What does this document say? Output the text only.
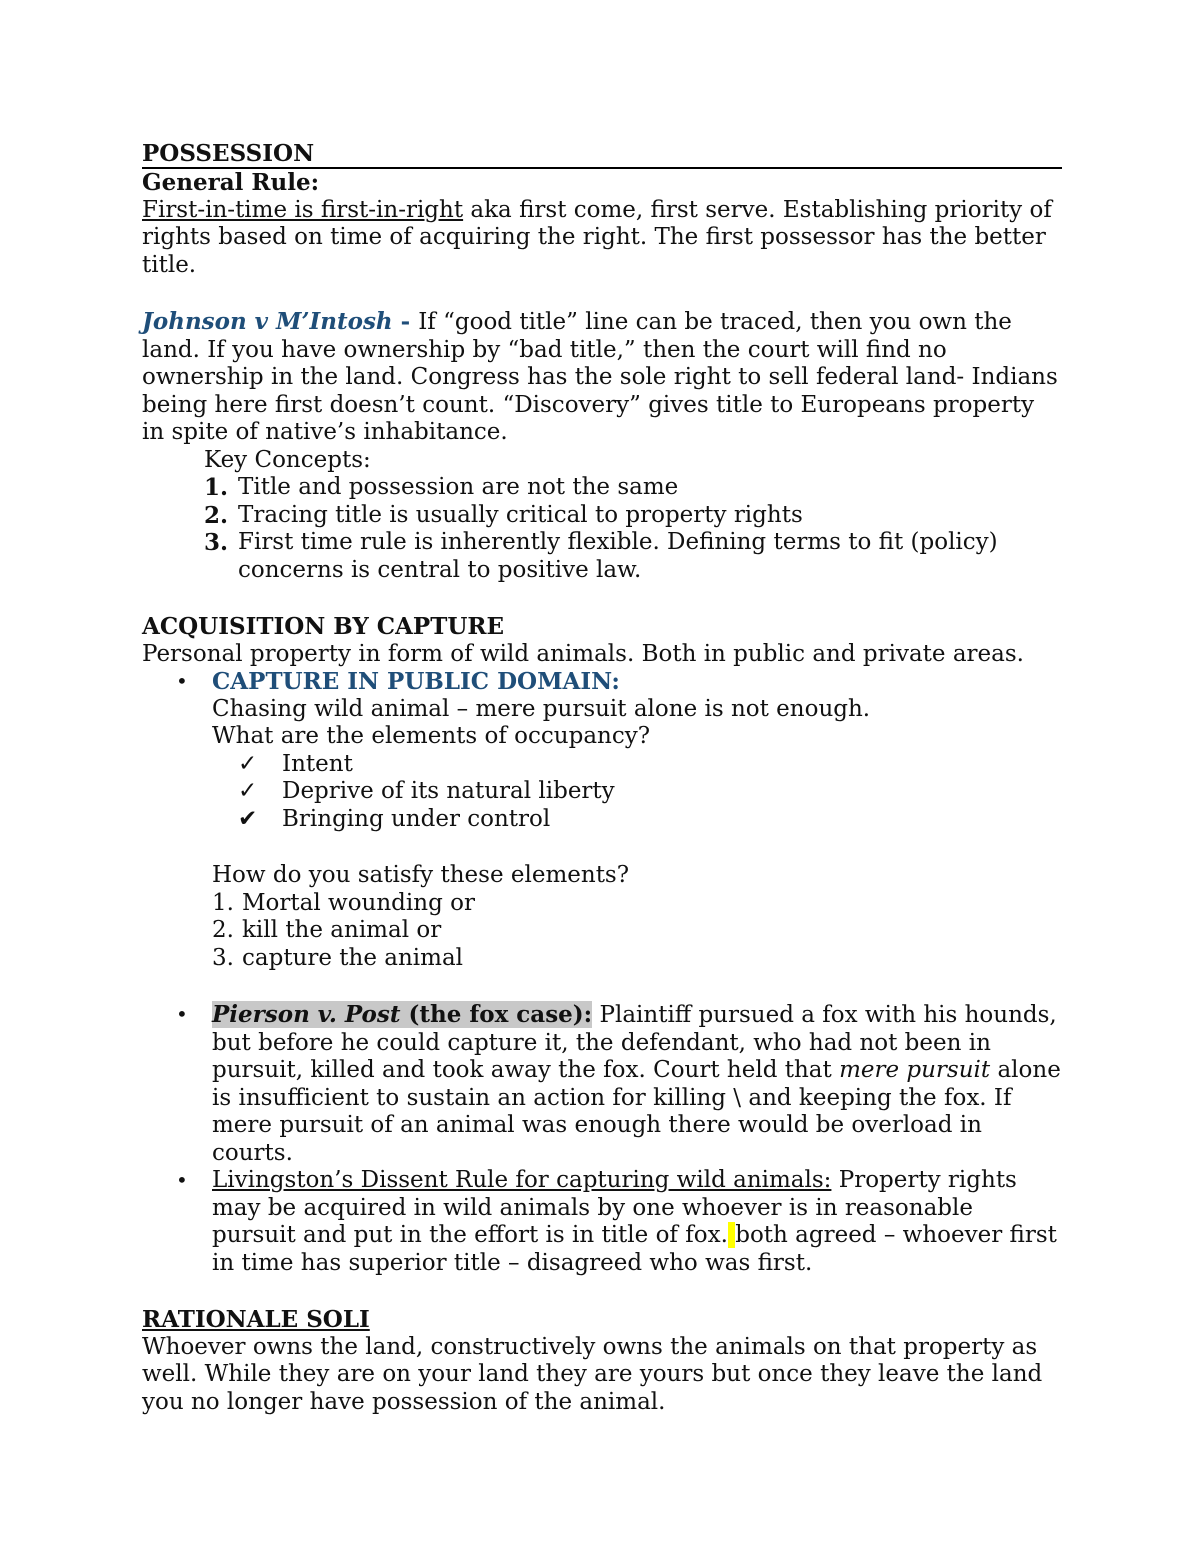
POSSESSION
General Rule:
First-in-time is first-in-right aka first come, first serve. Establishing priority of rights based on time of acquiring the right. The first possessor has the better title.
Johnson v M’Intosh - If “good title” line can be traced, then you own the land. If you have ownership by “bad title,” then the court will find no ownership in the land. Congress has the sole right to sell federal land- Indians being here first doesn’t count. “Discovery” gives title to Europeans property in spite of native’s inhabitance.
Key Concepts:
1. Title and possession are not the same
2. Tracing title is usually critical to property rights
3. First time rule is inherently flexible. Defining terms to fit (policy) concerns is central to positive law.
ACQUISITION BY CAPTURE
Personal property in form of wild animals. Both in public and private areas.
• CAPTURE IN PUBLIC DOMAIN:
Chasing wild animal – mere pursuit alone is not enough.
What are the elements of occupancy?
✓ Intent
✓ Deprive of its natural liberty
✔ Bringing under control
How do you satisfy these elements?
1. Mortal wounding or
2. kill the animal or
3. capture the animal
• Pierson v. Post (the fox case): Plaintiff pursued a fox with his hounds, but before he could capture it, the defendant, who had not been in pursuit, killed and took away the fox. Court held that mere pursuit alone is insufficient to sustain an action for killing \ and keeping the fox. If mere pursuit of an animal was enough there would be overload in courts.
• Livingston’s Dissent Rule for capturing wild animals: Property rights may be acquired in wild animals by one whoever is in reasonable pursuit and put in the effort is in title of fox. both agreed – whoever first in time has superior title – disagreed who was first.
RATIONALE SOLI
Whoever owns the land, constructively owns the animals on that property as well. While they are on your land they are yours but once they leave the land you no longer have possession of the animal.
